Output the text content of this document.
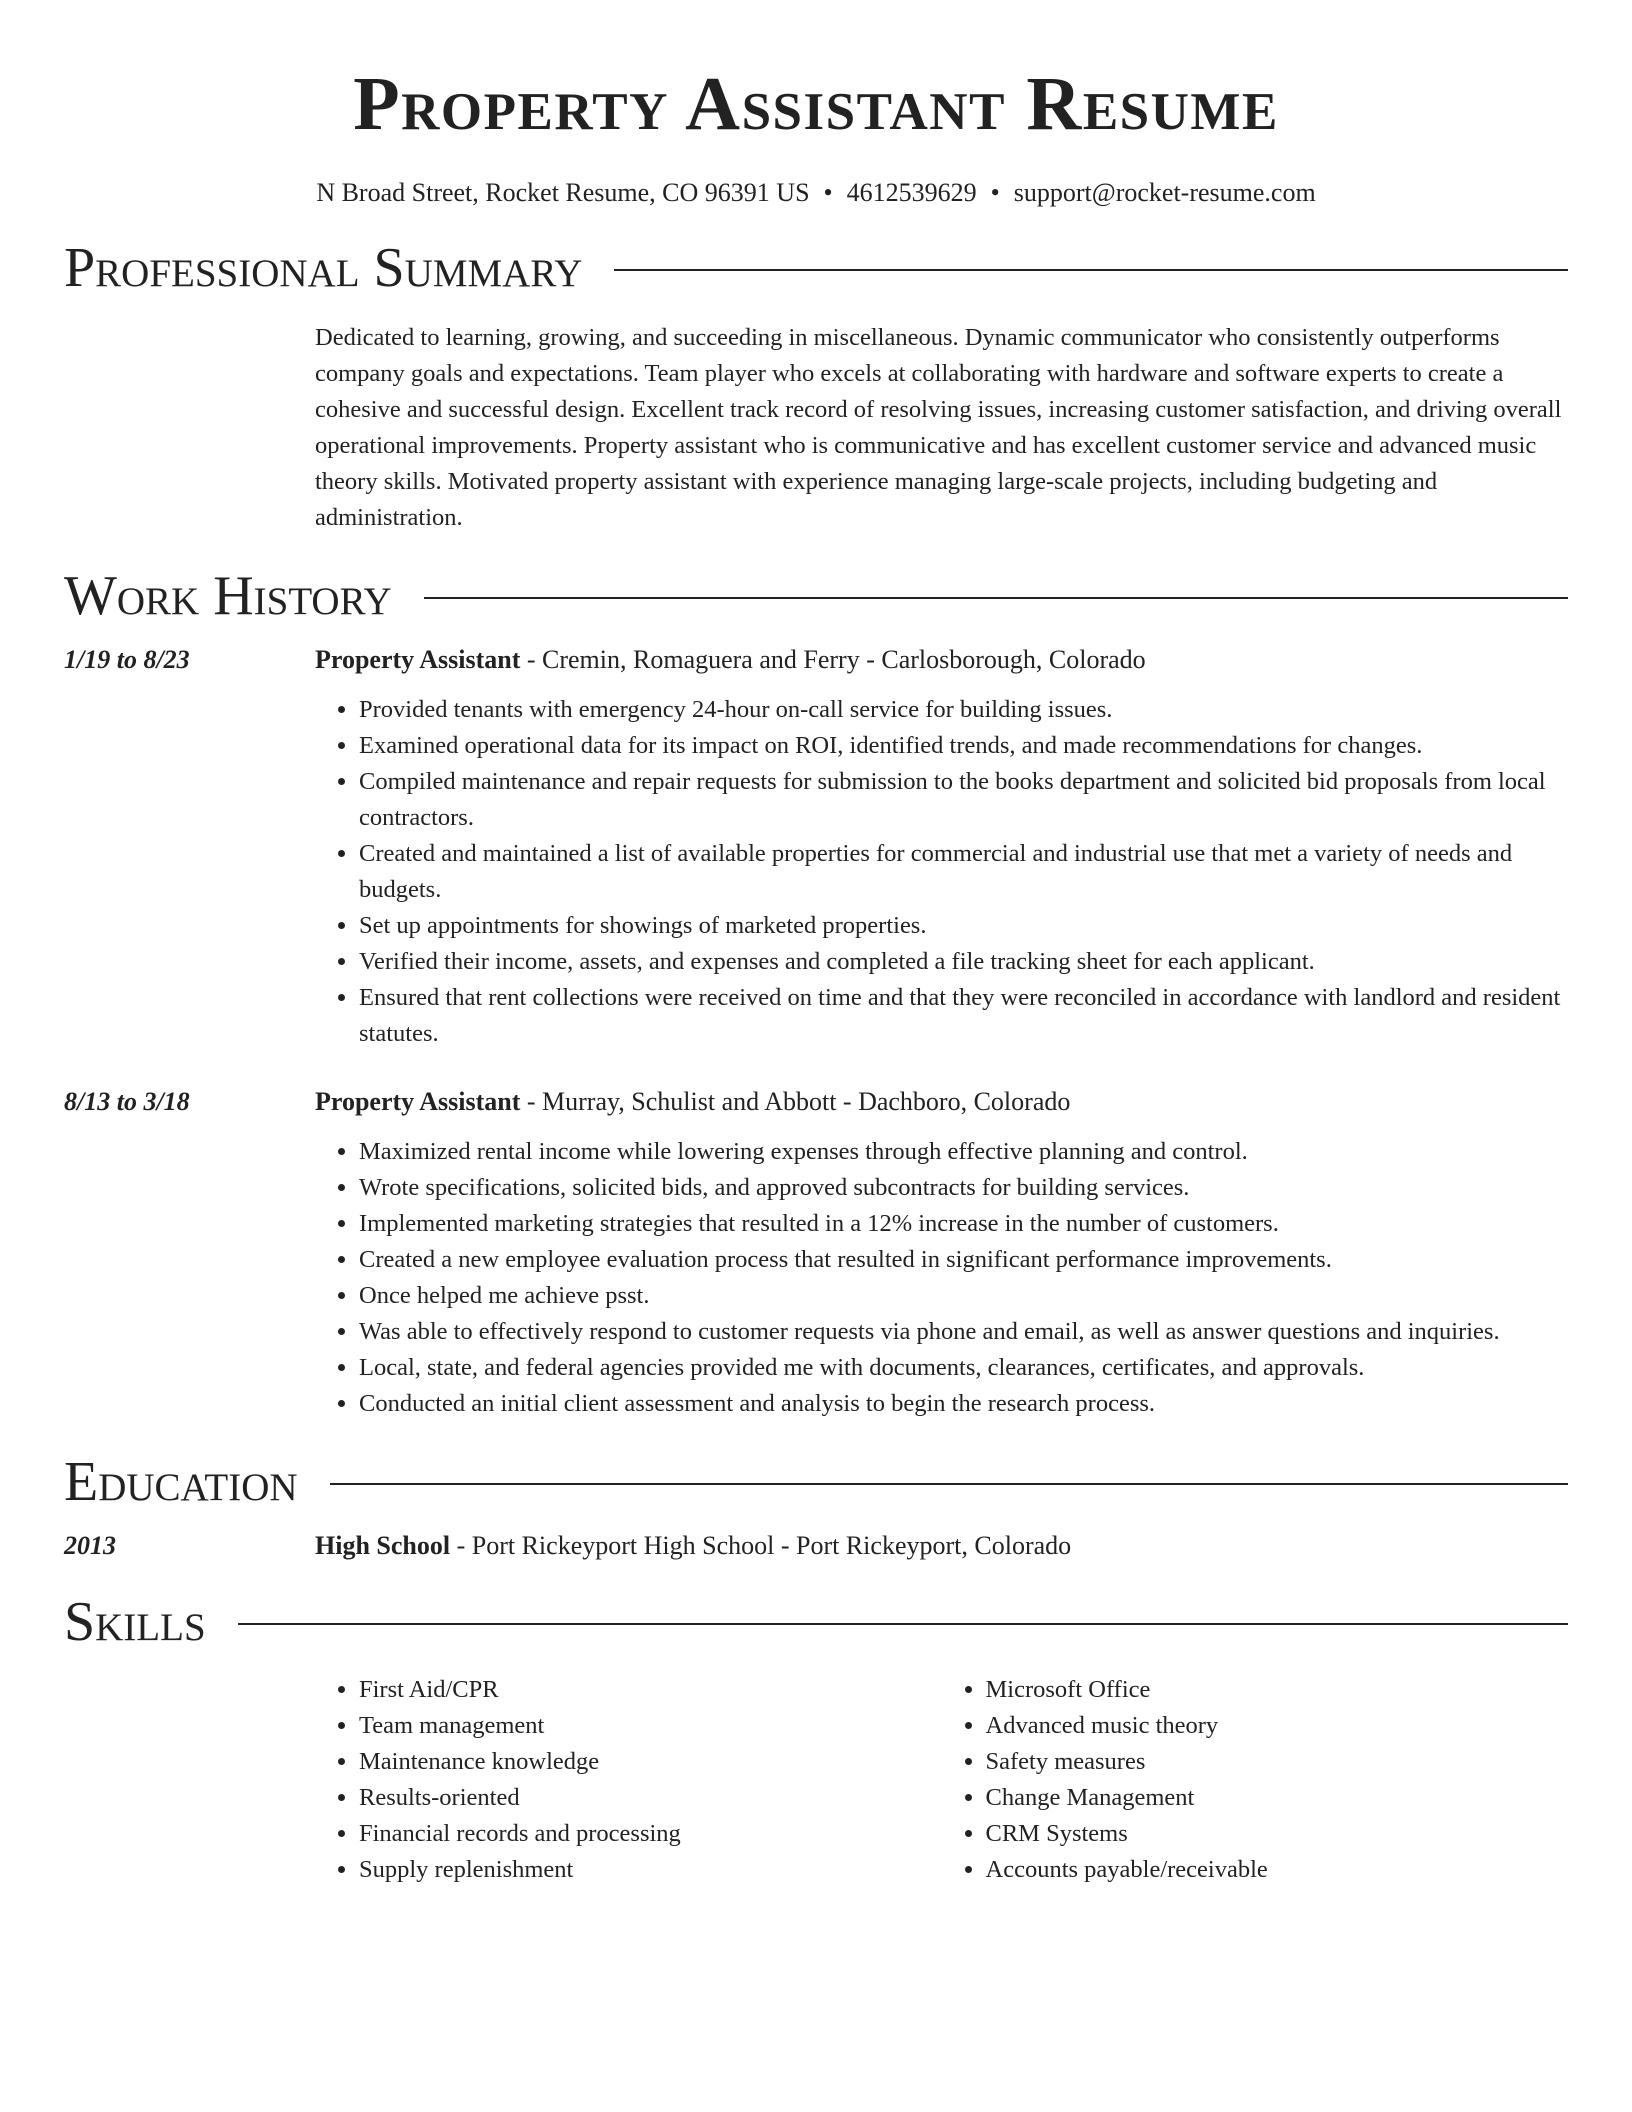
Property Assistant Resume
N Broad Street, Rocket Resume, CO 96391 US • 4612539629 • support@rocket-resume.com
Professional Summary
Dedicated to learning, growing, and succeeding in miscellaneous. Dynamic communicator who consistently outperforms company goals and expectations. Team player who excels at collaborating with hardware and software experts to create a cohesive and successful design. Excellent track record of resolving issues, increasing customer satisfaction, and driving overall operational improvements. Property assistant who is communicative and has excellent customer service and advanced music theory skills. Motivated property assistant with experience managing large-scale projects, including budgeting and administration.
Work History
1/19 to 8/23	Property Assistant - Cremin, Romaguera and Ferry - Carlosborough, Colorado
• Provided tenants with emergency 24-hour on-call service for building issues.
• Examined operational data for its impact on ROI, identified trends, and made recommendations for changes.
• Compiled maintenance and repair requests for submission to the books department and solicited bid proposals from local contractors.
• Created and maintained a list of available properties for commercial and industrial use that met a variety of needs and budgets.
• Set up appointments for showings of marketed properties.
• Verified their income, assets, and expenses and completed a file tracking sheet for each applicant.
• Ensured that rent collections were received on time and that they were reconciled in accordance with landlord and resident statutes.
8/13 to 3/18	Property Assistant - Murray, Schulist and Abbott - Dachboro, Colorado
• Maximized rental income while lowering expenses through effective planning and control.
• Wrote specifications, solicited bids, and approved subcontracts for building services.
• Implemented marketing strategies that resulted in a 12% increase in the number of customers.
• Created a new employee evaluation process that resulted in significant performance improvements.
• Once helped me achieve psst.
• Was able to effectively respond to customer requests via phone and email, as well as answer questions and inquiries.
• Local, state, and federal agencies provided me with documents, clearances, certificates, and approvals.
• Conducted an initial client assessment and analysis to begin the research process.
Education
2013	High School - Port Rickeyport High School - Port Rickeyport, Colorado
Skills
• First Aid/CPR
• Team management
• Maintenance knowledge
• Results-oriented
• Financial records and processing
• Supply replenishment
• Microsoft Office
• Advanced music theory
• Safety measures
• Change Management
• CRM Systems
• Accounts payable/receivable
